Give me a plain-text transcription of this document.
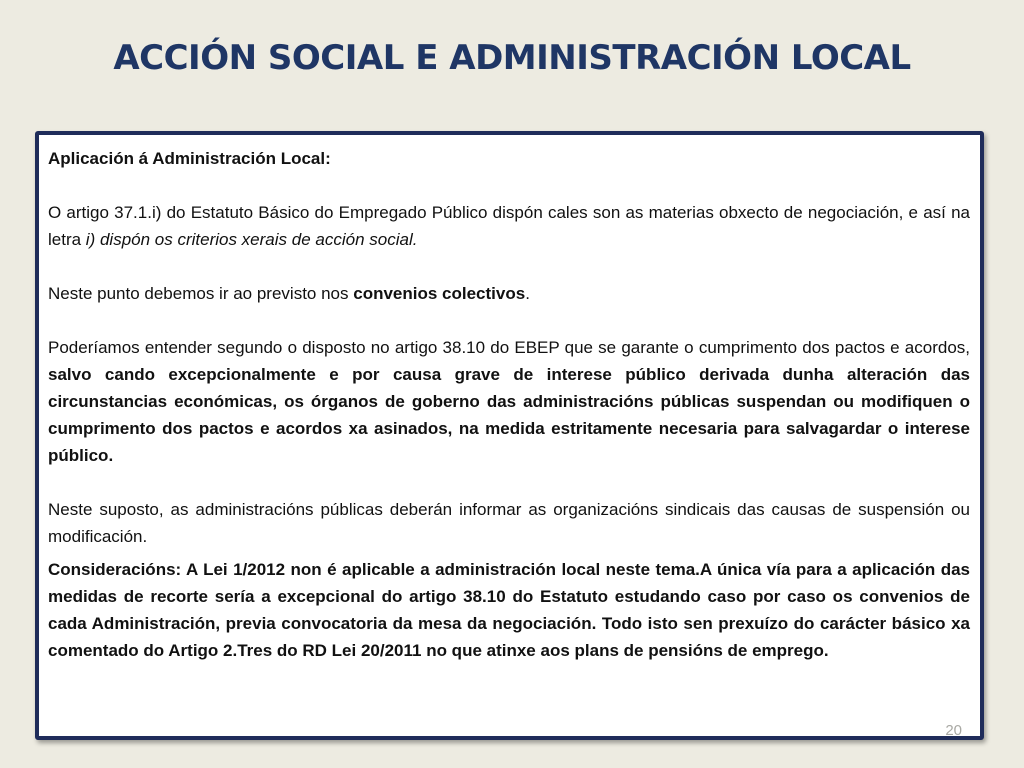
ACCIÓN SOCIAL E ADMINISTRACIÓN LOCAL

Aplicación á Administración Local:

O artigo 37.1.i) do Estatuto Básico do Empregado Público dispón cales son as materias obxecto de negociación, e así na letra i) dispón os criterios xerais de acción social.

Neste punto debemos ir ao previsto nos convenios colectivos.

Poderíamos entender segundo o disposto no artigo 38.10 do EBEP que se garante o cumprimento dos pactos e acordos, salvo cando excepcionalmente e por causa grave de interese público derivada dunha alteración das circunstancias económicas, os órganos de goberno das administracións públicas suspendan ou modifiquen o cumprimento dos pactos e acordos xa asinados, na medida estritamente necesaria para salvagardar o interese público.

Neste suposto, as administracións públicas deberán informar as organizacións sindicais das causas de suspensión ou modificación.

Consideracións: A Lei 1/2012 non é aplicable a administración local neste tema.A única vía para a aplicación das medidas de recorte sería a excepcional do artigo 38.10 do Estatuto estudando caso por caso os convenios de cada Administración, previa convocatoria da mesa da negociación. Todo isto sen prexuízo do carácter básico xa comentado do Artigo 2.Tres do RD Lei 20/2011 no que atinxe aos plans de pensións de emprego.

20
